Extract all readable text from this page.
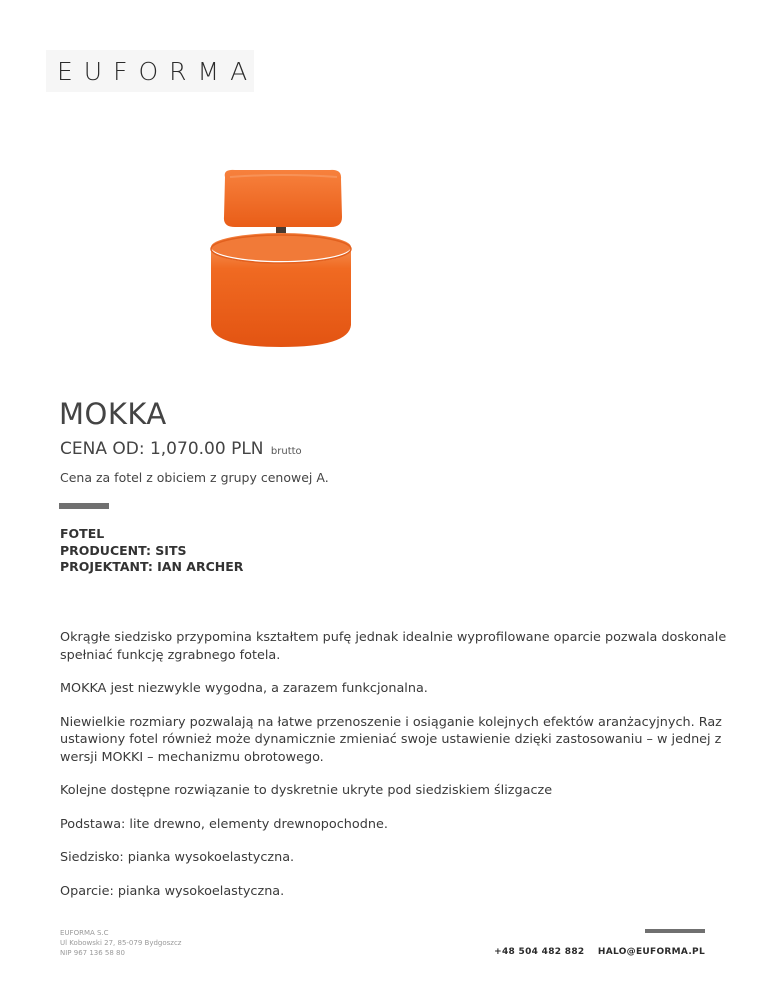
EUFORMA
MOKKA
CENA OD: 1,070.00 PLN brutto
Cena za fotel z obiciem z grupy cenowej A.
FOTEL
PRODUCENT: SITS
PROJEKTANT: IAN ARCHER

Okrągłe siedzisko przypomina kształtem pufę jednak idealnie wyprofilowane oparcie pozwala doskonale spełniać funkcję zgrabnego fotela.

MOKKA jest niezwykle wygodna, a zarazem funkcjonalna.

Niewielkie rozmiary pozwalają na łatwe przenoszenie i osiąganie kolejnych efektów aranżacyjnych. Raz ustawiony fotel również może dynamicznie zmieniać swoje ustawienie dzięki zastosowaniu – w jednej z wersji MOKKI – mechanizmu obrotowego.

Kolejne dostępne rozwiązanie to dyskretnie ukryte pod siedziskiem ślizgacze

Podstawa: lite drewno, elementy drewnopochodne.

Siedzisko: pianka wysokoelastyczna.

Oparcie: pianka wysokoelastyczna.

EUFORMA S.C
Ul Kobowski 27, 85-079 Bydgoszcz
NIP 967 136 58 80	+48 504 482 882 HALO@EUFORMA.PL
